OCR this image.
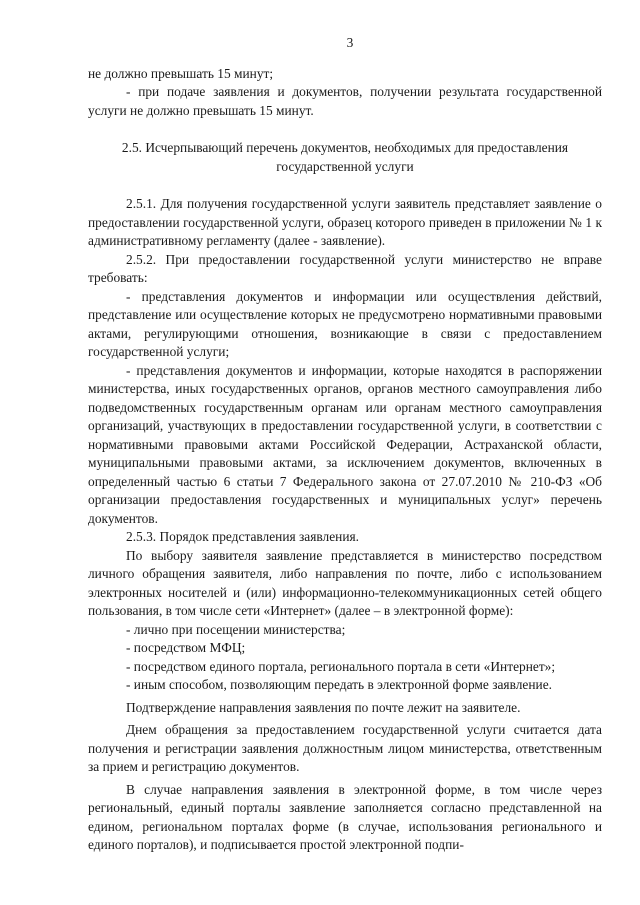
3

не должно превышать 15 минут;

- при подаче заявления и документов, получении результата государственной услуги не должно превышать 15 минут.

2.5. Исчерпывающий перечень документов, необходимых для предоставления государственной услуги

2.5.1. Для получения государственной услуги заявитель представляет заявление о предоставлении государственной услуги, образец которого приведен в приложении № 1 к административному регламенту (далее - заявление).

2.5.2. При предоставлении государственной услуги министерство не вправе требовать:

- представления документов и информации или осуществления действий, представление или осуществление которых не предусмотрено нормативными правовыми актами, регулирующими отношения, возникающие в связи с предоставлением государственной услуги;

- представления документов и информации, которые находятся в распоряжении министерства, иных государственных органов, органов местного самоуправления либо подведомственных государственным органам или органам местного самоуправления организаций, участвующих в предоставлении государственной услуги, в соответствии с нормативными правовыми актами Российской Федерации, Астраханской области, муниципальными правовыми актами, за исключением документов, включенных в определенный частью 6 статьи 7 Федерального закона от 27.07.2010 № 210-ФЗ «Об организации предоставления государственных и муниципальных услуг» перечень документов.

2.5.3. Порядок представления заявления.

По выбору заявителя заявление представляется в министерство посредством личного обращения заявителя, либо направления по почте, либо с использованием электронных носителей и (или) информационно-телекоммуникационных сетей общего пользования, в том числе сети «Интернет» (далее – в электронной форме):

- лично при посещении министерства;

- посредством МФЦ;

- посредством единого портала, регионального портала в сети «Интернет»;

- иным способом, позволяющим передать в электронной форме заявление.

Подтверждение направления заявления по почте лежит на заявителе.

Днем обращения за предоставлением государственной услуги считается дата получения и регистрации заявления должностным лицом министерства, ответственным за прием и регистрацию документов.

В случае направления заявления в электронной форме, в том числе через региональный, единый порталы заявление заполняется согласно представленной на едином, региональном порталах форме (в случае, использования регионального и единого порталов), и подписывается простой электронной подпи-
